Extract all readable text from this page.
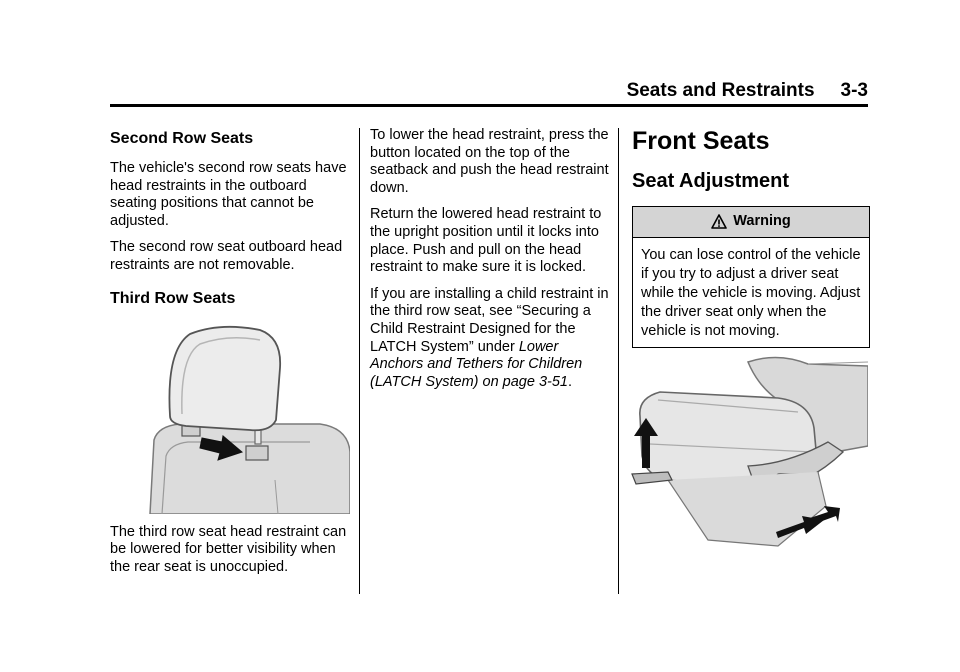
Seats and Restraints 3-3
Second Row Seats

The vehicle's second row seats have head restraints in the outboard seating positions that cannot be adjusted.

The second row seat outboard head restraints are not removable.

Third Row Seats

The third row seat head restraint can be lowered for better visibility when the rear seat is unoccupied.

To lower the head restraint, press the button located on the top of the seatback and push the head restraint down.

Return the lowered head restraint to the upright position until it locks into place. Push and pull on the head restraint to make sure it is locked.

If you are installing a child restraint in the third row seat, see “Securing a Child Restraint Designed for the LATCH System” under Lower Anchors and Tethers for Children (LATCH System) on page 3-51.

Front Seats
Seat Adjustment
Warning
You can lose control of the vehicle if you try to adjust a driver seat while the vehicle is moving. Adjust the driver seat only when the vehicle is not moving.
